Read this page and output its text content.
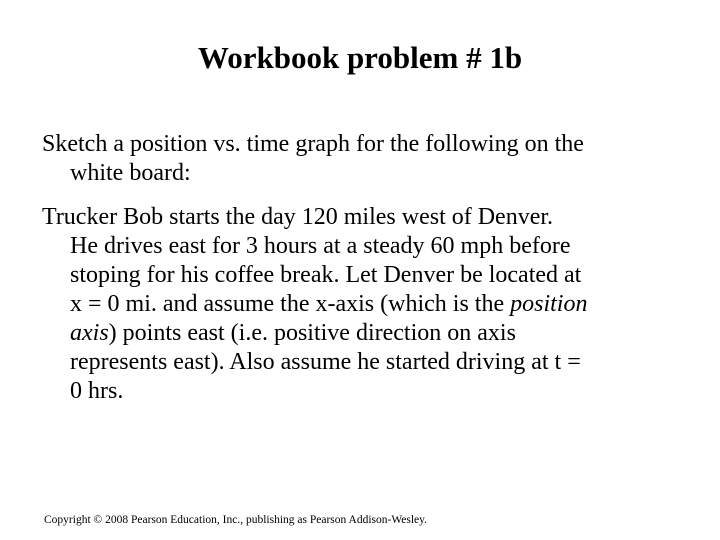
Workbook problem # 1b
Sketch a position vs. time graph for the following on the
white board:
Trucker Bob starts the day 120 miles west of Denver.
He drives east for 3 hours at a steady 60 mph before
stoping for his coffee break. Let Denver be located at
x = 0 mi. and assume the x-axis (which is the position
axis) points east (i.e. positive direction on axis
represents east). Also assume he started driving at t =
0 hrs.
Copyright © 2008 Pearson Education, Inc., publishing as Pearson Addison-Wesley.
